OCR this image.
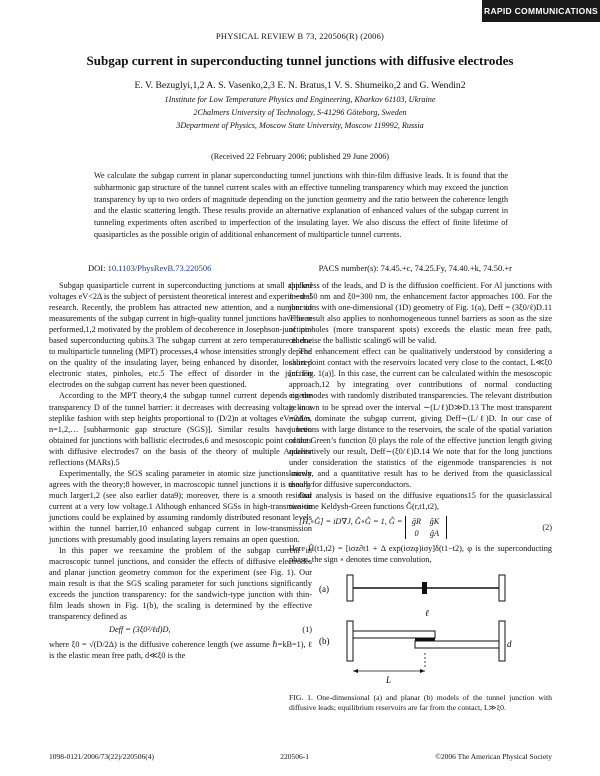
RAPID COMMUNICATIONS
PHYSICAL REVIEW B 73, 220506(R) (2006)
Subgap current in superconducting tunnel junctions with diffusive electrodes
E. V. Bezuglyi,1,2 A. S. Vasenko,2,3 E. N. Bratus,1 V. S. Shumeiko,2 and G. Wendin2
1Institute for Low Temperature Physics and Engineering, Kharkov 61103, Ukraine
2Chalmers University of Technology, S-41296 Göteborg, Sweden
3Department of Physics, Moscow State University, Moscow 119992, Russia
(Received 22 February 2006; published 29 June 2006)
We calculate the subgap current in planar superconducting tunnel junctions with thin-film diffusive leads. It is found that the subharmonic gap structure of the tunnel current scales with an effective tunneling transparency which may exceed the junction transparency by up to two orders of magnitude depending on the junction geometry and the ratio between the coherence length and the elastic scattering length. These results provide an alternative explanation of enhanced values of the subgap current in tunneling experiments often ascribed to imperfection of the insulating layer. We also discuss the effect of finite lifetime of quasiparticles as the possible origin of additional enhancement of multiparticle tunnel currents.
DOI: 10.1103/PhysRevB.73.220506	PACS number(s): 74.45.+c, 74.25.Fy, 74.40.+k, 74.50.+r

Subgap quasiparticle current in superconducting junctions at small applied voltages eV<2Δ is the subject of persistent theoretical interest and experimental research. Recently, the problem has attracted new attention, and a number of measurements of the subgap current in high-quality tunnel junctions have been performed,1,2 motivated by the problem of decoherence in Josephson-junction-based superconducting qubits.3 The subgap current at zero temperature is due to multiparticle tunneling (MPT) processes,4 whose intensities strongly depend on the quality of the insulating layer, being enhanced by disorder, localized electronic states, pinholes, etc.5 The effect of disorder in the junction electrodes on the subgap current has never been questioned.

According to the MPT theory,4 the subgap tunnel current depends on the transparency D of the tunnel barrier: it decreases with decreasing voltage in a steplike fashion with step heights proportional to (D/2)n at voltages eV=2Δ/n, n=1,2,… [subharmonic gap structure (SGS)]. Similar results have been obtained for junctions with ballistic electrodes,6 and mesoscopic point contacts with diffusive electrodes7 on the basis of the theory of multiple Andreev reflections (MARs).5

Experimentally, the SGS scaling parameter in atomic size junctions nicely agrees with the theory;8 however, in macroscopic tunnel junctions it is usually much larger1,2 (see also earlier data9); moreover, there is a smooth residual current at a very low voltage.1 Although enhanced SGSs in high-transmission junctions could be explained by assuming randomly distributed resonant levels within the tunnel barrier,10 enhanced subgap current in low-transmission junctions with presumably good insulating layers remains an open question.

In this paper we reexamine the problem of the subgap current in macroscopic tunnel junctions, and consider the effects of diffusive electrodes and planar junction geometry common for the experiment (see Fig. 1). Our main result is that the SGS scaling parameter for such junctions significantly exceeds the junction transparency: for the sandwich-type junction with thin-film leads shown in Fig. 1(b), the scaling is determined by the effective transparency defined as

Deff = (3ξ0²/ℓd)D,	(1)

where ξ0 = √(D/2Δ) is the diffusive coherence length (we assume ℏ=kB=1), ℓ is the elastic mean free path, d≪ξ0 is the

thickness of the leads, and D is the diffusion coefficient. For Al junctions with ℓ∼d=50 nm and ξ0=300 nm, the enhancement factor approaches 100. For the junctions with one-dimensional (1D) geometry of Fig. 1(a), Deff = (3ξ0/ℓ)D.11 This result also applies to nonhomogeneous tunnel barriers as soon as the size of pinholes (more transparent spots) exceeds the elastic mean free path, otherwise the ballistic scaling6 will be valid.

The enhancement effect can be qualitatively understood by considering a short point contact with the reservoirs located very close to the contact, L≪ξ0 [cf. Fig. 1(a)]. In this case, the current can be calculated within the mesoscopic approach,12 by integrating over contributions of normal conducting eigenmodes with randomly distributed transparencies. The relevant distribution is known to be spread over the interval ∼(L/ℓ)D≫D.13 The most transparent modes dominate the subgap current, giving Deff∼(L/ℓ)D. In our case of junctions with large distance to the reservoirs, the scale of the spatial variation of the Green’s function ξ0 plays the role of the effective junction length giving qualitatively our result, Deff∼(ξ0/ℓ)D.14 We note that for the long junctions under consideration the statistics of the eigenmode transparencies is not known, and a quantitative result has to be derived from the quasiclassical theory for diffusive superconductors.

Our analysis is based on the diffusive equations15 for the quasiclassical two-time Keldysh-Green functions Ĝ(r,t1,t2),

[Ĥ,∘Ĝ] = iD∇J, Ĝ∘Ĝ = 1, Ĝ =	ĝR	ĝK
0	ĝA
(2)

Here Ĥ(t1,t2) = [iσz∂t1 + Δ exp(iσzφ)iσy]δ(t1−t2), φ is the superconducting phase, the sign ∘ denotes time convolution,

(a)
(b)
ℓ
d
L
FIG. 1. One-dimensional (a) and planar (b) models of the tunnel junction with diffusive leads; equilibrium reservoirs are far from the contact, L≫ξ0.
1098-0121/2006/73(22)/220506(4)	220506-1	©2006 The American Physical Society
